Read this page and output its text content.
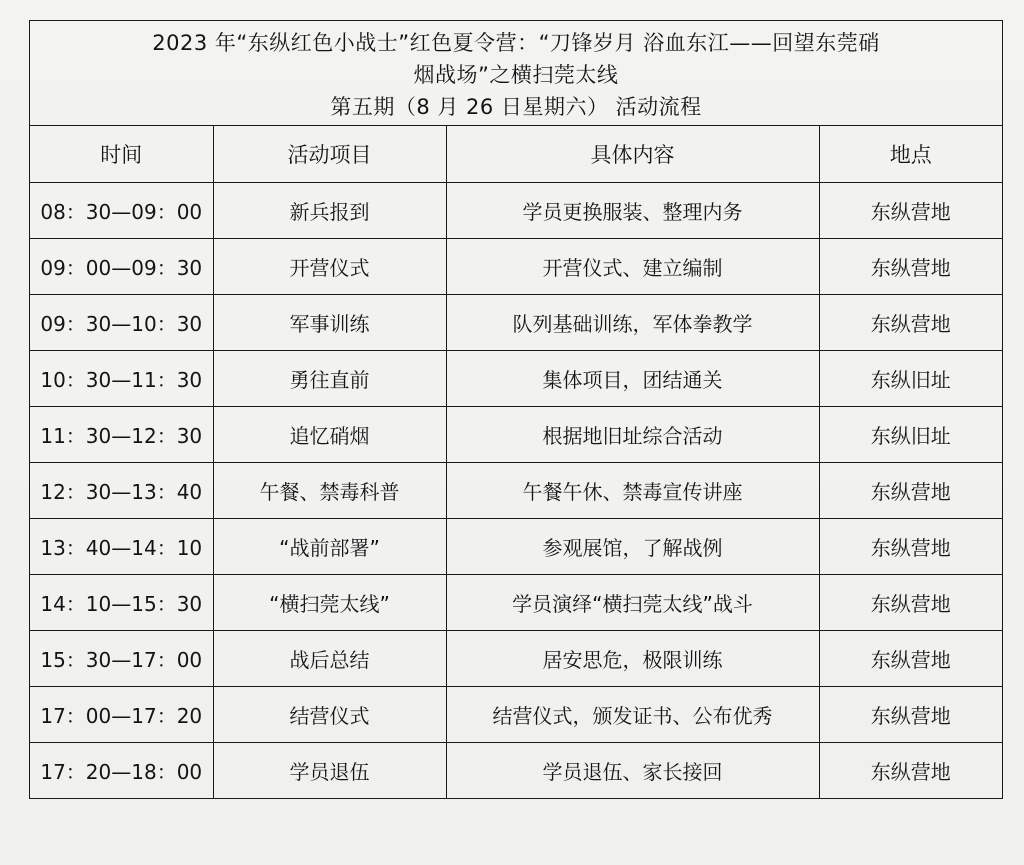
2023 年“东纵红色小战士”红色夏令营：“刀锋岁月 浴血东江——回望东莞硝
烟战场”之横扫莞太线
第五期（8 月 26 日星期六） 活动流程
时间	活动项目	具体内容	地点
08：30—09：00	新兵报到	学员更换服装、整理内务	东纵营地
09：00—09：30	开营仪式	开营仪式、建立编制	东纵营地
09：30—10：30	军事训练	队列基础训练，军体拳教学	东纵营地
10：30—11：30	勇往直前	集体项目，团结通关	东纵旧址
11：30—12：30	追忆硝烟	根据地旧址综合活动	东纵旧址
12：30—13：40	午餐、禁毒科普	午餐午休、禁毒宣传讲座	东纵营地
13：40—14：10	“战前部署”	参观展馆，了解战例	东纵营地
14：10—15：30	“横扫莞太线”	学员演绎“横扫莞太线”战斗	东纵营地
15：30—17：00	战后总结	居安思危，极限训练	东纵营地
17：00—17：20	结营仪式	结营仪式，颁发证书、公布优秀	东纵营地
17：20—18：00	学员退伍	学员退伍、家长接回	东纵营地
